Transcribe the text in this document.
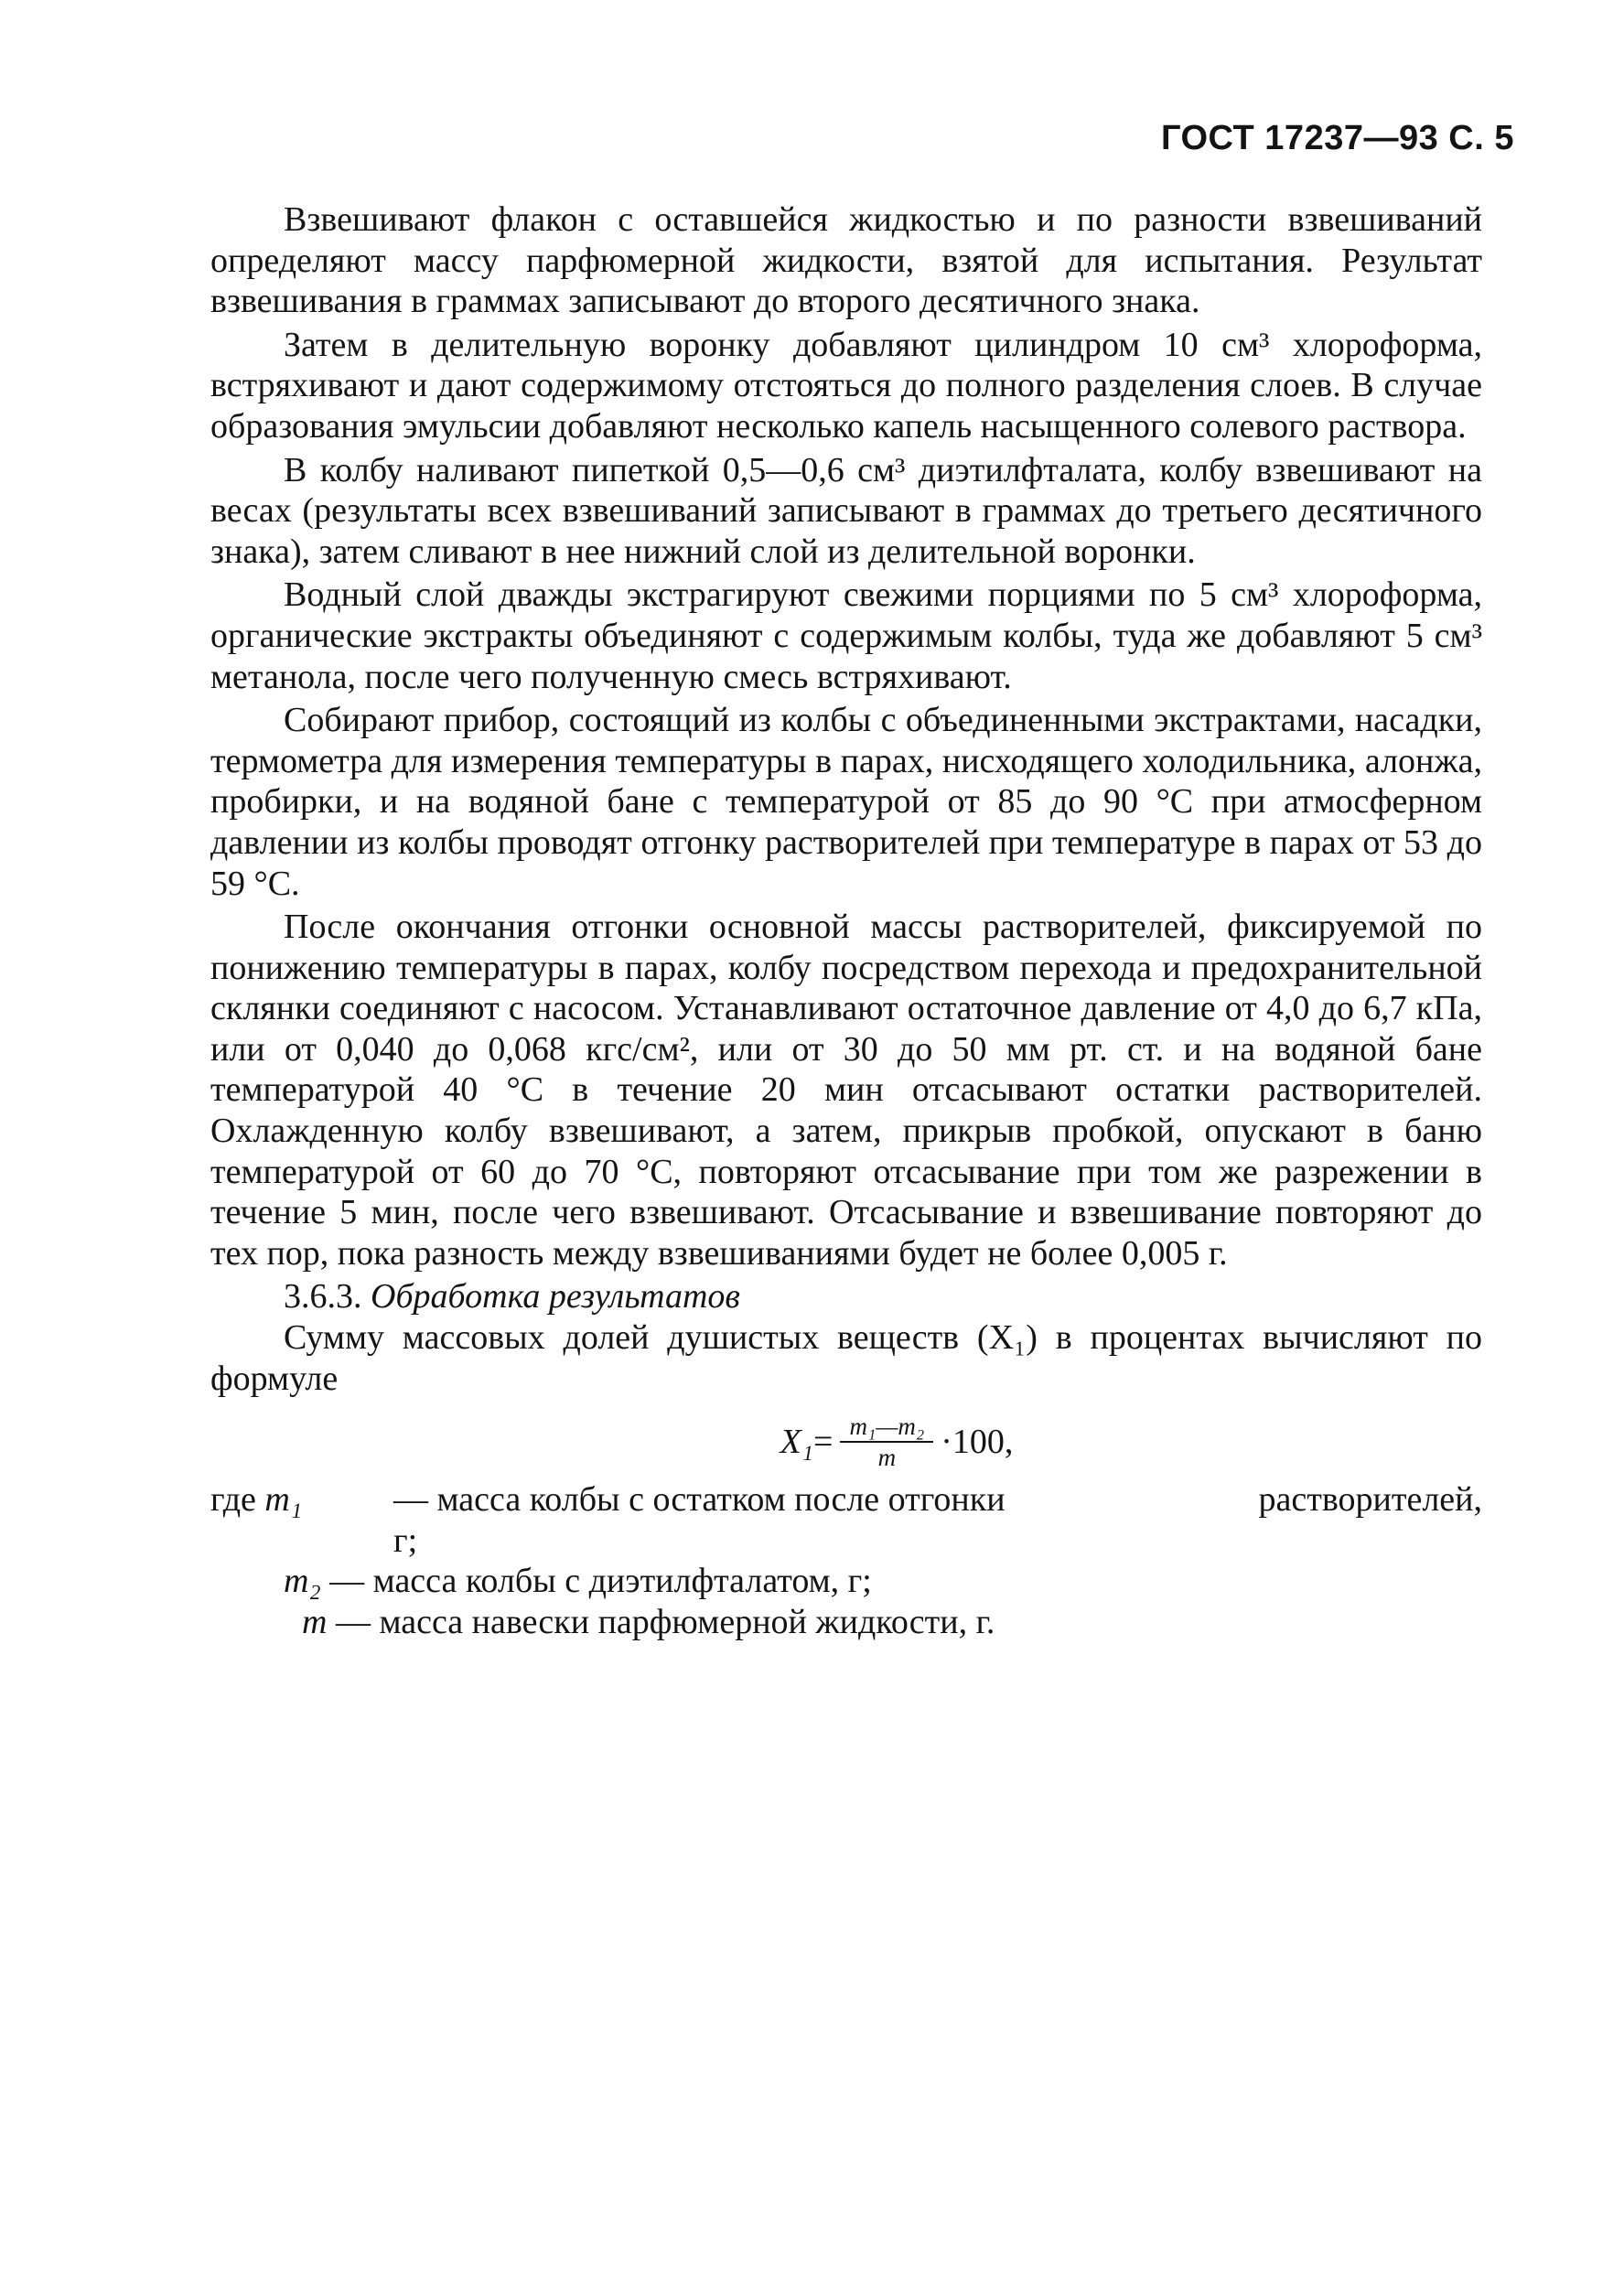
ГОСТ 17237—93 С. 5

Взвешивают флакон с оставшейся жидкостью и по разности взвешиваний определяют массу парфюмерной жидкости, взятой для испытания. Результат взвешивания в граммах записывают до второго десятичного знака.

Затем в делительную воронку добавляют цилиндром 10 см³ хлороформа, встряхивают и дают содержимому отстояться до полного разделения слоев. В случае образования эмульсии добавляют несколько капель насыщенного солевого раствора.

В колбу наливают пипеткой 0,5—0,6 см³ диэтилфталата, колбу взвешивают на весах (результаты всех взвешиваний записывают в граммах до третьего десятичного знака), затем сливают в нее нижний слой из делительной воронки.

Водный слой дважды экстрагируют свежими порциями по 5 см³ хлороформа, органические экстракты объединяют с содержимым колбы, туда же добавляют 5 см³ метанола, после чего полученную смесь встряхивают.

Собирают прибор, состоящий из колбы с объединенными экстрактами, насадки, термометра для измерения температуры в парах, нисходящего холодильника, алонжа, пробирки, и на водяной бане с температурой от 85 до 90 °С при атмосферном давлении из колбы проводят отгонку растворителей при температуре в парах от 53 до 59 °С.

После окончания отгонки основной массы растворителей, фиксируемой по понижению температуры в парах, колбу посредством перехода и предохранительной склянки соединяют с насосом. Устанавливают остаточное давление от 4,0 до 6,7 кПа, или от 0,040 до 0,068 кгс/см², или от 30 до 50 мм рт. ст. и на водяной бане температурой 40 °С в течение 20 мин отсасывают остатки растворителей. Охлажденную колбу взвешивают, а затем, прикрыв пробкой, опускают в баню температурой от 60 до 70 °С, повторяют отсасывание при том же разрежении в течение 5 мин, после чего взвешивают. Отсасывание и взвешивание повторяют до тех пор, пока разность между взвешиваниями будет не более 0,005 г.

3.6.3. Обработка результатов

Сумму массовых долей душистых веществ (X₁) в процентах вычисляют по формуле

$X_1 = \frac{\text{m₁—m₂}}{m} \cdot 100$,
где m₁	— масса колбы с остатком после отгонки	растворителей,
г;
m₂ — масса колбы с диэтилфталатом, г;
m — масса навески парфюмерной жидкости, г.
